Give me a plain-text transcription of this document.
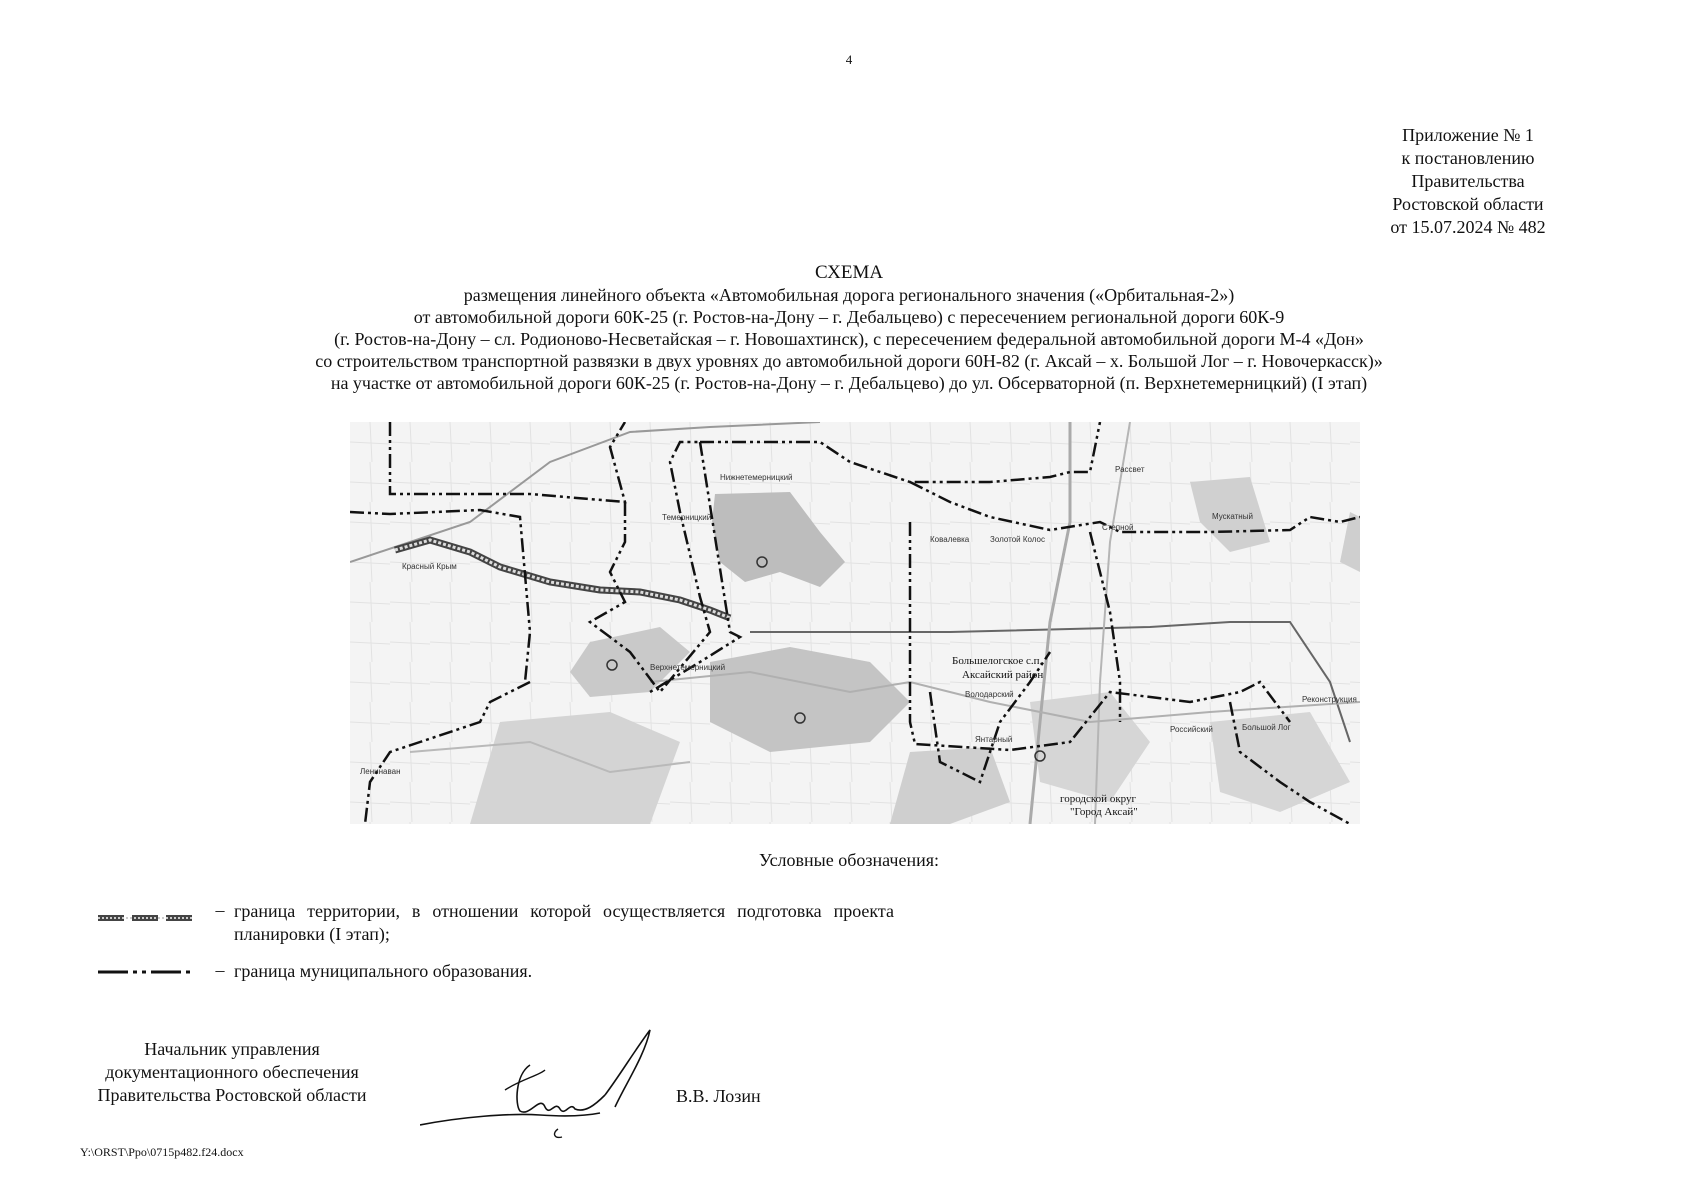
4
Приложение № 1
к постановлению
Правительства
Ростовской области
от 15.07.2024 № 482
СХЕМА
размещения линейного объекта «Автомобильная дорога регионального значения («Орбитальная-2»)
от автомобильной дороги 60К-25 (г. Ростов-на-Дону – г. Дебальцево) с пересечением региональной дороги 60К-9
(г. Ростов-на-Дону – сл. Родионово-Несветайская – г. Новошахтинск), с пересечением федеральной автомобильной дороги М-4 «Дон»
со строительством транспортной развязки в двух уровнях до автомобильной дороги 60Н-82 (г. Аксай – х. Большой Лог – г. Новочеркасск)»
на участке от автомобильной дороги 60К-25 (г. Ростов-на-Дону – г. Дебальцево) до ул. Обсерваторной (п. Верхнетемерницкий) (I этап)
Красный Крым
Темерницкий
Нижнетемерницкий
Ковалевка	Золотой Колос
Степной
Мускатный
Рассвет
Верхнетемерницкий
Ленинаван
Янтарный
Володарский
Российский	Большой Лог
Реконструкция
Большелогское с.п.
Аксайский район
городской округ
"Город Аксай"
Условные обозначения:
– граница территории, в отношении которой осуществляется подготовка проекта планировки (I этап);
– граница муниципального образования.
Начальник управления
документационного обеспечения
Правительства Ростовской области	В.В. Лозин
Y:\ORST\Ppo\0715p482.f24.docx
